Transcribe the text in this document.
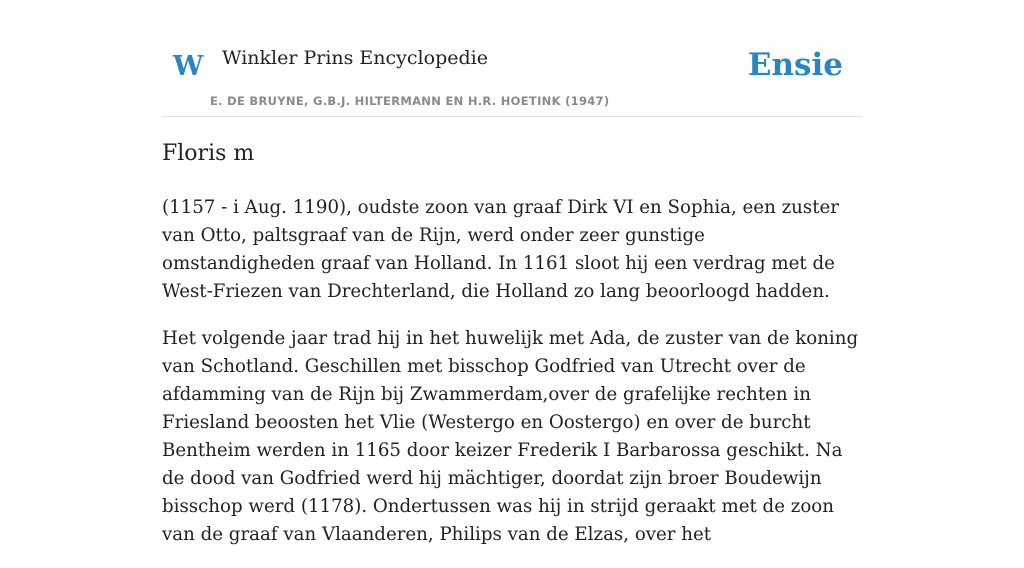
W Winkler Prins Encyclopedie
E. DE BRUYNE, G.B.J. HILTERMANN EN H.R. HOETINK (1947)
Ensie
Floris m

(1157 - i Aug. 1190), oudste zoon van graaf Dirk VI en Sophia, een zuster van Otto, paltsgraaf van de Rijn, werd onder zeer gunstige omstandigheden graaf van Holland. In 1161 sloot hij een verdrag met de West-Friezen van Drechterland, die Holland zo lang beoorloogd hadden.

Het volgende jaar trad hij in het huwelijk met Ada, de zuster van de koning van Schotland. Geschillen met bisschop Godfried van Utrecht over de afdamming van de Rijn bij Zwammerdam,over de grafelijke rechten in Friesland beoosten het Vlie (Westergo en Oostergo) en over de burcht Bentheim werden in 1165 door keizer Frederik I Barbarossa geschikt. Na de dood van Godfried werd hij mächtiger, doordat zijn broer Boudewijn bisschop werd (1178). Ondertussen was hij in strijd geraakt met de zoon van de graaf van Vlaanderen, Philips van de Elzas, over het
